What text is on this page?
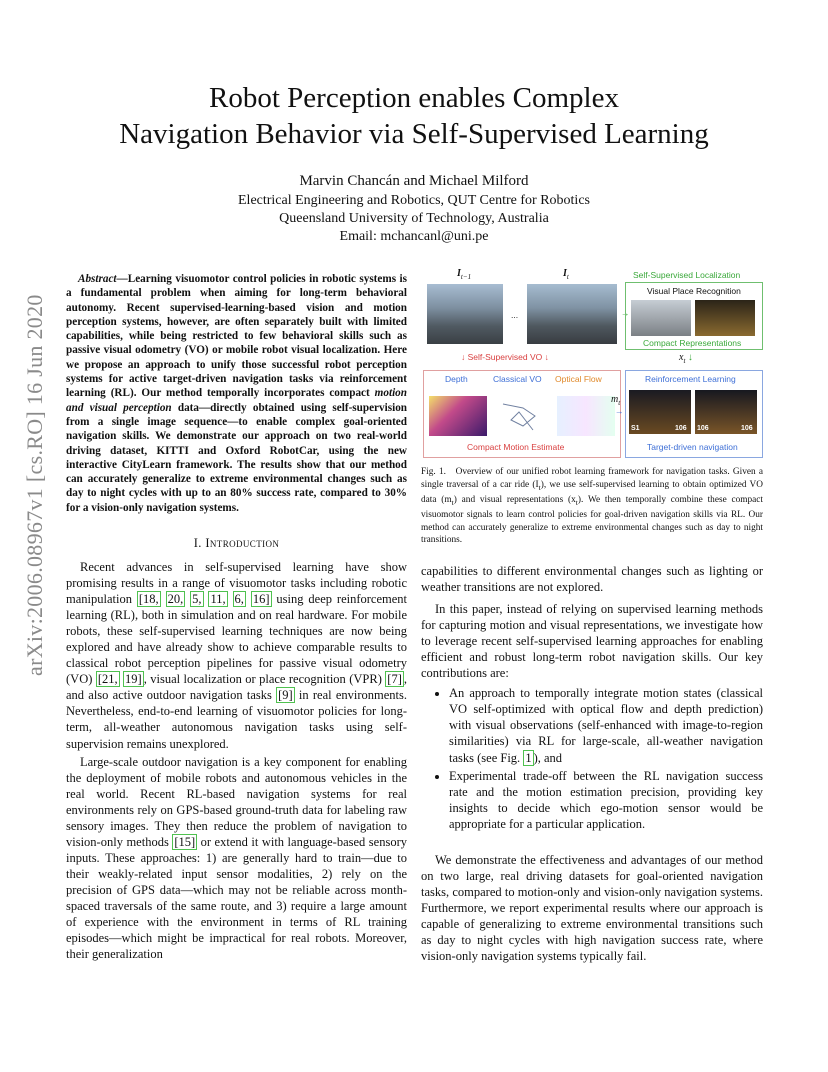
arXiv:2006.08967v1 [cs.RO] 16 Jun 2020
Robot Perception enables Complex
Navigation Behavior via Self-Supervised Learning
Marvin Chancán and Michael Milford
Electrical Engineering and Robotics, QUT Centre for Robotics
Queensland University of Technology, Australia
Email: mchancanl@uni.pe
Abstract—Learning visuomotor control policies in robotic systems is a fundamental problem when aiming for long-term behavioral autonomy. Recent supervised-learning-based vision and motion perception systems, however, are often separately built with limited capabilities, while being restricted to few behavioral skills such as passive visual odometry (VO) or mobile robot visual localization. Here we propose an approach to unify those successful robot perception systems for active target-driven navigation tasks via reinforcement learning (RL). Our method temporally incorporates compact motion and visual perception data—directly obtained using self-supervision from a single image sequence—to enable complex goal-oriented navigation skills. We demonstrate our approach on two real-world driving dataset, KITTI and Oxford RobotCar, using the new interactive CityLearn framework. The results show that our method can accurately generalize to extreme environmental changes such as day to night cycles with up to an 80% success rate, compared to 30% for a vision-only navigation systems.
I. Introduction

Recent advances in self-supervised learning have show promising results in a range of visuomotor tasks including robotic manipulation [18, 20, 5, 11, 6, 16] using deep reinforcement learning (RL), both in simulation and on real hardware. For mobile robots, these self-supervised learning techniques are now being explored and have already show to achieve comparable results to classical robot perception pipelines for passive visual odometry (VO) [21, 19] , visual localization or place recognition (VPR) [7] , and also active outdoor navigation tasks [9] in real environments. Nevertheless, end-to-end learning of visuomotor policies for long-term, all-weather autonomous navigation tasks using self-supervision remains unexplored.

Large-scale outdoor navigation is a key component for enabling the deployment of mobile robots and autonomous vehicles in the real world. Recent RL-based navigation systems for real environments rely on GPS-based ground-truth data for labeling raw sensory images. They then reduce the problem of navigation to vision-only methods [15] or extend it with language-based sensory inputs. These approaches: 1) are generally hard to train—due to their weakly-related input sensor modalities, 2) rely on the precision of GPS data—which may not be reliable across month-spaced traversals of the same route, and 3) require a large amount of experience with the environment in terms of RL training episodes—which might be impractical for real robots. Moreover, their generalization

$I_{t-1}$	$I_t$
...	→
Self-Supervised Localization
Visual Place Recognition
Compact Representations
$x_t$ ↓
↓ Self-Supervised VO ↓
Depth	Classical VO Optical Flow
Compact Motion Estimate
$m_t$
→
Reinforcement Learning
S1	106 106	106
Target-driven navigation
Fig. 1. Overview of our unified robot learning framework for navigation tasks. Given a single traversal of a car ride $(I_t)$, we use self-supervised learning to obtain optimized VO data $(m_t)$ and visual representations $(x_t)$. We then temporally combine these compact visuomotor signals to learn control policies for goal-driven navigation skills via RL. Our method can accurately generalize to extreme environmental changes such as day to night transitions.

capabilities to different environmental changes such as lighting or weather transitions are not explored.

In this paper, instead of relying on supervised learning methods for capturing motion and visual representations, we investigate how to leverage recent self-supervised learning approaches for enabling efficient and robust long-term robot navigation skills. Our key contributions are:

• An approach to temporally integrate motion states (classical VO self-optimized with optical flow and depth prediction) with visual observations (self-enhanced with image-to-region similarities) via RL for large-scale, all-weather navigation tasks (see Fig. 1 ), and
• Experimental trade-off between the RL navigation success rate and the motion estimation precision, providing key insights to decide which ego-motion sensor would be appropriate for a particular application.

We demonstrate the effectiveness and advantages of our method on two large, real driving datasets for goal-oriented navigation tasks, compared to motion-only and vision-only navigation systems. Furthermore, we report experimental results where our approach is capable of generalizing to extreme environmental transitions such as day to night cycles with high navigation success rate, where vision-only navigation systems typically fail.
